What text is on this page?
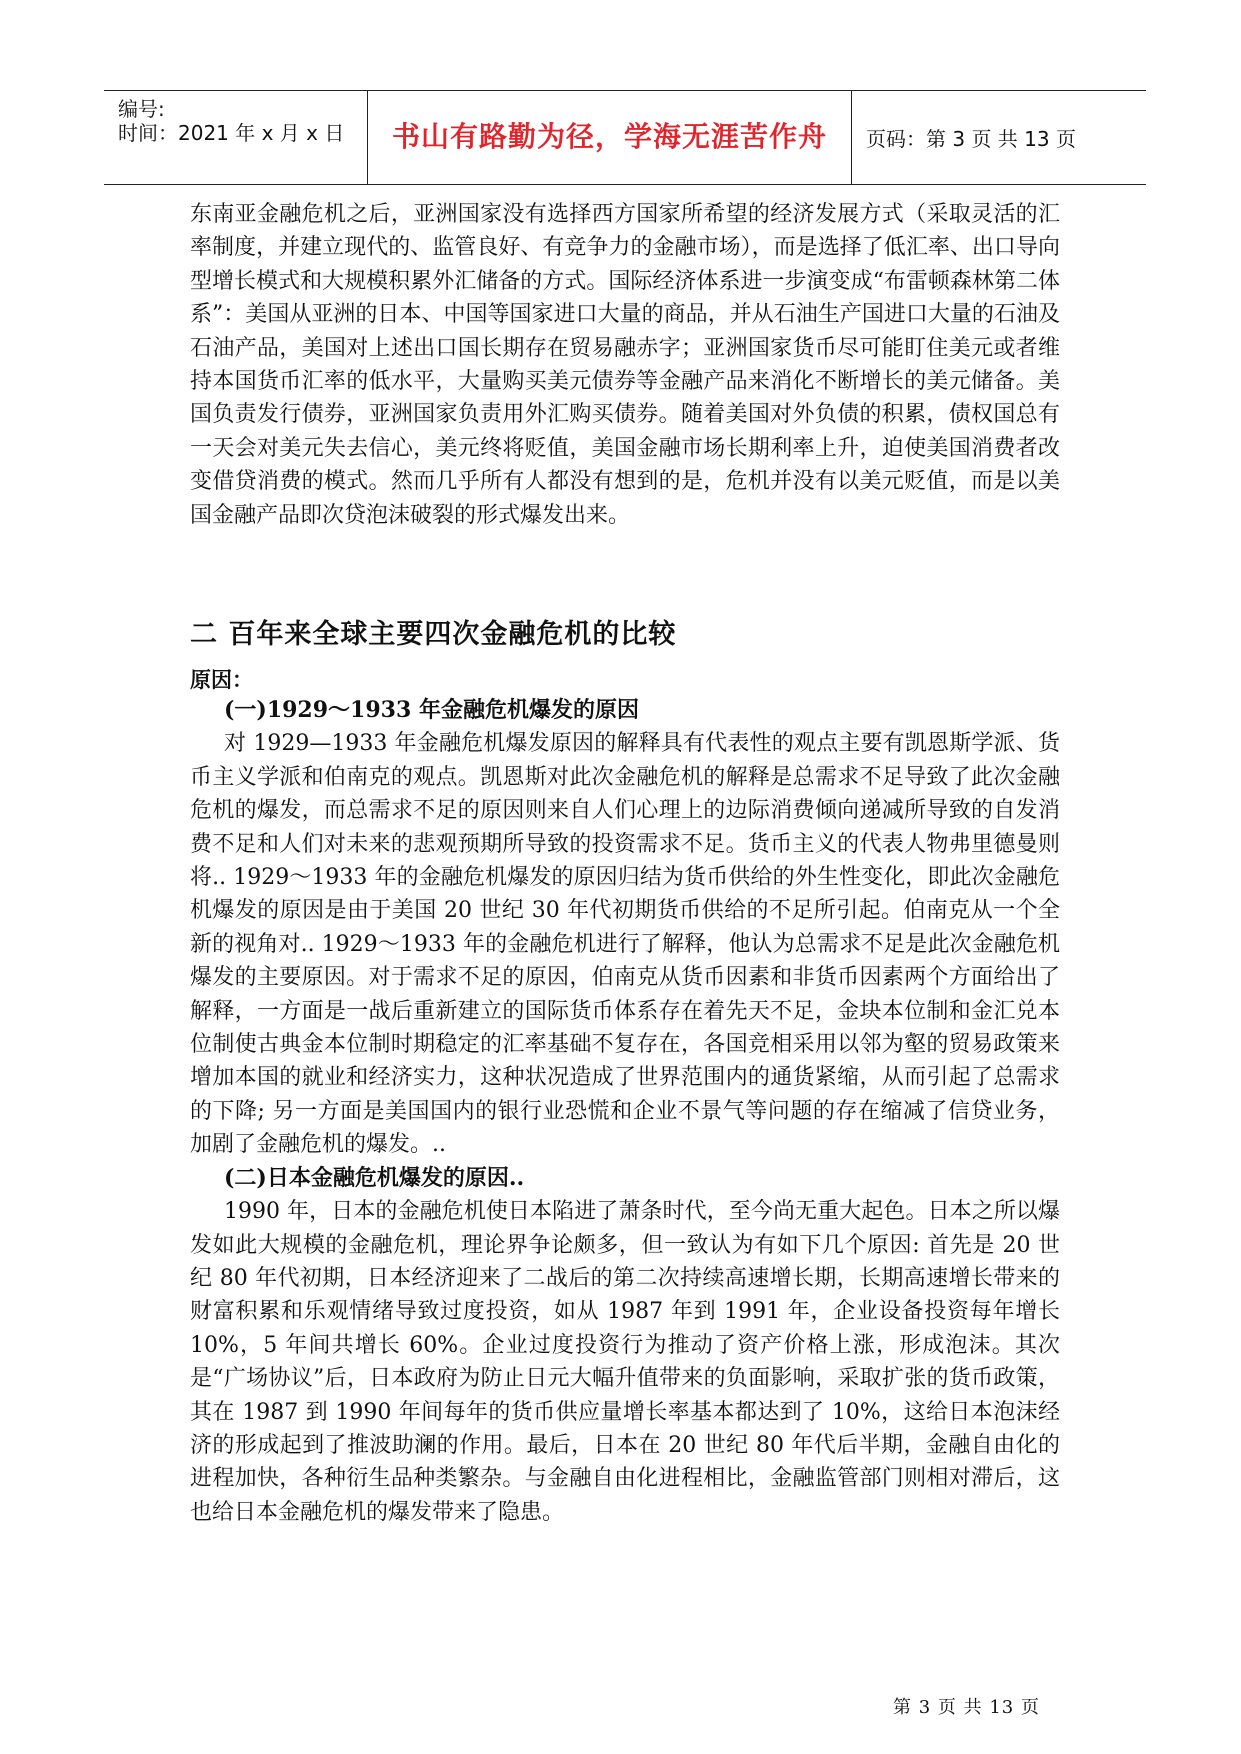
编号:
时间：2021 年 x 月 x 日	书山有路勤为径，学海无涯苦作舟	页码：第 3 页 共 13 页

东南亚金融危机之后，亚洲国家没有选择西方国家所希望的经济发展方式（采取灵活的汇率制度，并建立现代的、监管良好、有竞争力的金融市场），而是选择了低汇率、出口导向型增长模式和大规模积累外汇储备的方式。国际经济体系进一步演变成“布雷顿森林第二体系”：美国从亚洲的日本、中国等国家进口大量的商品，并从石油生产国进口大量的石油及石油产品，美国对上述出口国长期存在贸易融赤字；亚洲国家货币尽可能盯住美元或者维持本国货币汇率的低水平，大量购买美元债券等金融产品来消化不断增长的美元储备。美国负责发行债券，亚洲国家负责用外汇购买债券。随着美国对外负债的积累，债权国总有一天会对美元失去信心，美元终将贬值，美国金融市场长期利率上升，迫使美国消费者改变借贷消费的模式。然而几乎所有人都没有想到的是，危机并没有以美元贬值，而是以美国金融产品即次贷泡沫破裂的形式爆发出来。

二 百年来全球主要四次金融危机的比较
原因：

(一)1929～1933 年金融危机爆发的原因

对 1929—1933 年金融危机爆发原因的解释具有代表性的观点主要有凯恩斯学派、货币主义学派和伯南克的观点。凯恩斯对此次金融危机的解释是总需求不足导致了此次金融危机的爆发，而总需求不足的原因则来自人们心理上的边际消费倾向递减所导致的自发消费不足和人们对未来的悲观预期所导致的投资需求不足。货币主义的代表人物弗里德曼则将.. 1929～1933 年的金融危机爆发的原因归结为货币供给的外生性变化，即此次金融危机爆发的原因是由于美国 20 世纪 30 年代初期货币供给的不足所引起。伯南克从一个全新的视角对.. 1929～1933 年的金融危机进行了解释，他认为总需求不足是此次金融危机爆发的主要原因。对于需求不足的原因，伯南克从货币因素和非货币因素两个方面给出了解释，一方面是一战后重新建立的国际货币体系存在着先天不足，金块本位制和金汇兑本位制使古典金本位制时期稳定的汇率基础不复存在，各国竞相采用以邻为壑的贸易政策来增加本国的就业和经济实力，这种状况造成了世界范围内的通货紧缩，从而引起了总需求的下降; 另一方面是美国国内的银行业恐慌和企业不景气等问题的存在缩减了信贷业务，加剧了金融危机的爆发。..

(二)日本金融危机爆发的原因..

1990 年，日本的金融危机使日本陷进了萧条时代，至今尚无重大起色。日本之所以爆发如此大规模的金融危机，理论界争论颇多，但一致认为有如下几个原因: 首先是 20 世纪 80 年代初期，日本经济迎来了二战后的第二次持续高速增长期，长期高速增长带来的财富积累和乐观情绪导致过度投资，如从 1987 年到 1991 年，企业设备投资每年增长 10%，5 年间共增长 60%。企业过度投资行为推动了资产价格上涨，形成泡沫。其次是“广场协议”后，日本政府为防止日元大幅升值带来的负面影响，采取扩张的货币政策，其在 1987 到 1990 年间每年的货币供应量增长率基本都达到了 10%，这给日本泡沫经济的形成起到了推波助澜的作用。最后，日本在 20 世纪 80 年代后半期，金融自由化的进程加快，各种衍生品种类繁杂。与金融自由化进程相比，金融监管部门则相对滞后，这也给日本金融危机的爆发带来了隐患。

第 3 页 共 13 页
